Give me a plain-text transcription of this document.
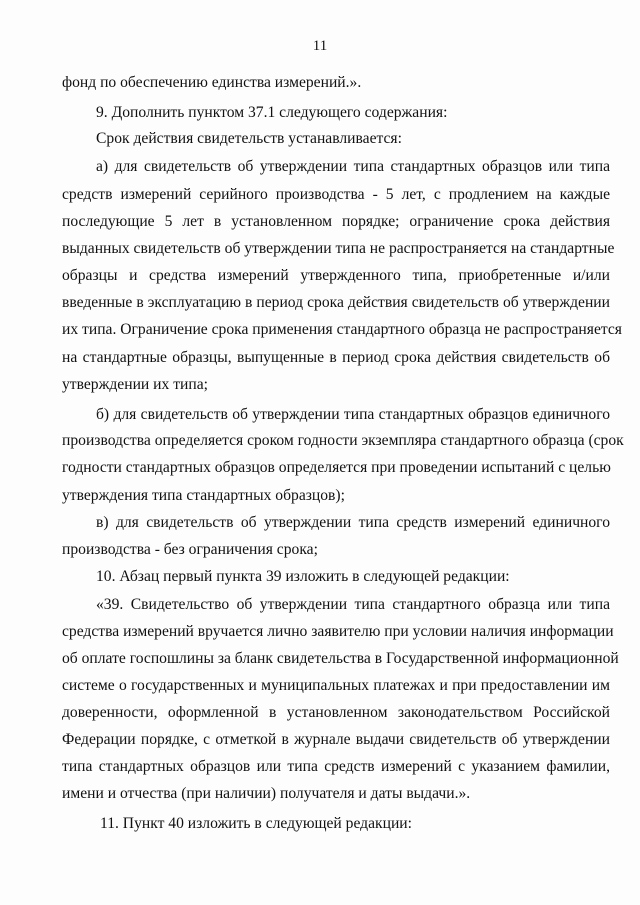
11
фонд по обеспечению единства измерений.».
9. Дополнить пунктом 37.1 следующего содержания:
Срок действия свидетельств устанавливается:
а) для свидетельств об утверждении типа стандартных образцов или типа
средств измерений серийного производства - 5 лет, с продлением на каждые
последующие 5 лет в установленном порядке; ограничение срока действия
выданных свидетельств об утверждении типа не распространяется на стандартные
образцы и средства измерений утвержденного типа, приобретенные и/или
введенные в эксплуатацию в период срока действия свидетельств об утверждении
их типа. Ограничение срока применения стандартного образца не распространяется
на стандартные образцы, выпущенные в период срока действия свидетельств об
утверждении их типа;
б) для свидетельств об утверждении типа стандартных образцов единичного
производства определяется сроком годности экземпляра стандартного образца (срок
годности стандартных образцов определяется при проведении испытаний с целью
утверждения типа стандартных образцов);
в) для свидетельств об утверждении типа средств измерений единичного
производства - без ограничения срока;
10. Абзац первый пункта 39 изложить в следующей редакции:
«39. Свидетельство об утверждении типа стандартного образца или типа
средства измерений вручается лично заявителю при условии наличия информации
об оплате госпошлины за бланк свидетельства в Государственной информационной
системе о государственных и муниципальных платежах и при предоставлении им
доверенности, оформленной в установленном законодательством Российской
Федерации порядке, с отметкой в журнале выдачи свидетельств об утверждении
типа стандартных образцов или типа средств измерений с указанием фамилии,
имени и отчества (при наличии) получателя и даты выдачи.».
11. Пункт 40 изложить в следующей редакции:
